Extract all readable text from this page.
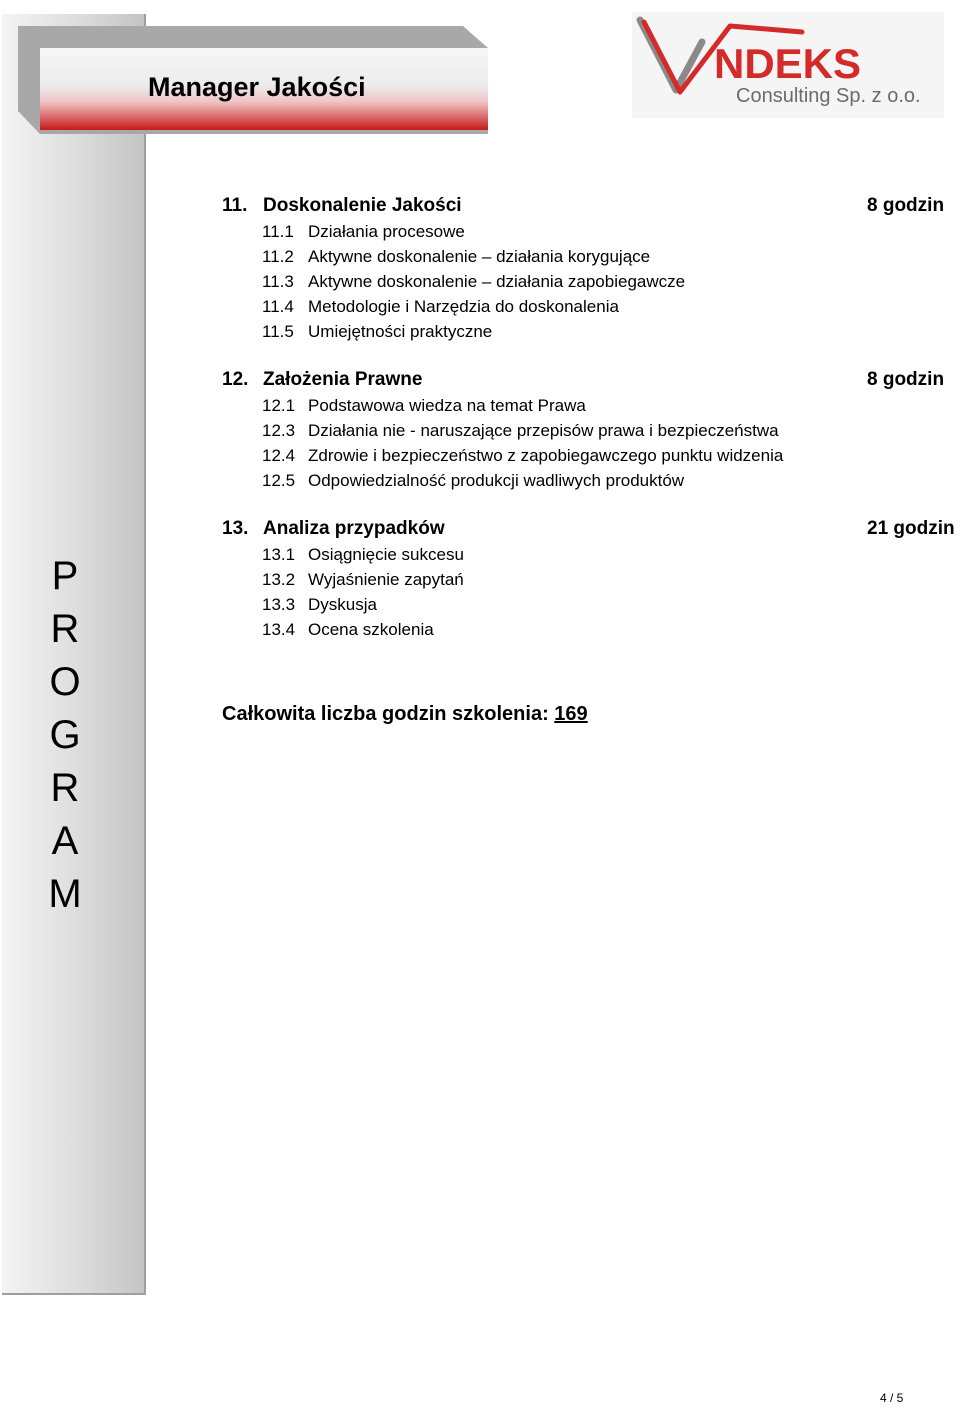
Manager Jakości	NDEKS
Consulting Sp. z o.o.
P
R
O
G
R
A
M
11. Doskonalenie Jakości	8 godzin
11.1 Działania procesowe
11.2 Aktywne doskonalenie – działania korygujące
11.3 Aktywne doskonalenie – działania zapobiegawcze
11.4 Metodologie i Narzędzia do doskonalenia
11.5 Umiejętności praktyczne
12. Założenia Prawne	8 godzin
12.1 Podstawowa wiedza na temat Prawa
12.3 Działania nie - naruszające przepisów prawa i bezpieczeństwa
12.4 Zdrowie i bezpieczeństwo z zapobiegawczego punktu widzenia
12.5 Odpowiedzialność produkcji wadliwych produktów
13. Analiza przypadków	21 godzin
13.1 Osiągnięcie sukcesu
13.2 Wyjaśnienie zapytań
13.3 Dyskusja
13.4 Ocena szkolenia
Całkowita liczba godzin szkolenia: 169
4 / 5
